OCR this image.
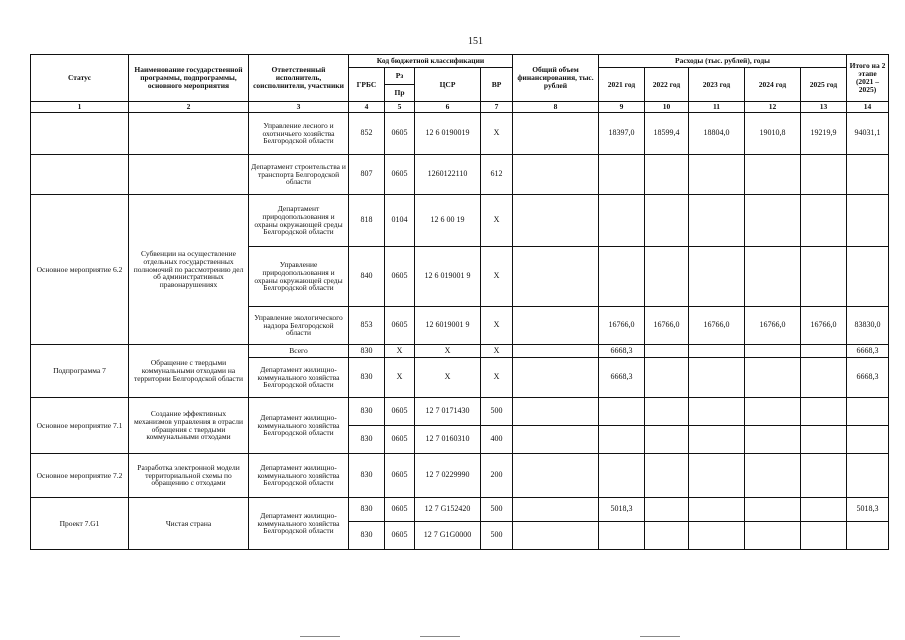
151
Статус	Наименование государственной программы, подпрограммы, основного мероприятия	Ответственный исполнитель, соисполнители, участники	Код бюджетной классификации				Общий объем финансирования, тыс. рублей	Расходы (тыс. рублей), годы					Итого на 2 этапе (2021 – 2025)
			ГРБС	Рз	ЦСР	ВР		2021 год	2022 год	2023 год	2024 год	2025 год	
				Пр									
1	2	3	4	5	6	7	8	9	10	11	12	13	14
		Управление лесного и охотничьего хозяйства Белгородской области	852	0605	12 6 0190019	Х		18397,0	18599,4	18804,0	19010,8	19219,9	94031,1
		Департамент строительства и транспорта Белгородской области	807	0605	1260122110	612							
Основное мероприятие 6.2	Субвенции на осуществление отдельных государственных полномочий по рассмотрению дел об административных правонарушениях	Департамент природопользования и охраны окружающей среды Белгородской области	818	0104	12 6 00 19	Х							
		Управление природопользования и охраны окружающей среды Белгородской области	840	0605	12 6 019001 9	Х							
		Управление экологического надзора Белгородской области	853	0605	12 6019001 9	Х		16766,0	16766,0	16766,0	16766,0	16766,0	83830,0
Подпрограмма 7	Обращение с твердыми коммунальными отходами на территории Белгородской области	Всего	830	Х	Х	Х		6668,3					6668,3
		Департамент жилищно-коммунального хозяйства Белгородской области	830	Х	Х	Х		6668,3					6668,3
Основное мероприятие 7.1	Создание эффективных механизмов управления в отрасли обращения с твердыми коммунальными отходами	Департамент жилищно-коммунального хозяйства Белгородской области	830	0605	12 7 0171430	500							
			830	0605	12 7 0160310	400							
Основное мероприятие 7.2	Разработка электронной модели территориальной схемы по обращению с отходами	Департамент жилищно-коммунального хозяйства Белгородской области	830	0605	12 7 0229990	200							
Проект 7.G1	Чистая страна	Департамент жилищно-коммунального хозяйства Белгородской области	830	0605	12 7 G152420	500		5018,3					5018,3
			830	0605	12 7 G1G0000	500							
